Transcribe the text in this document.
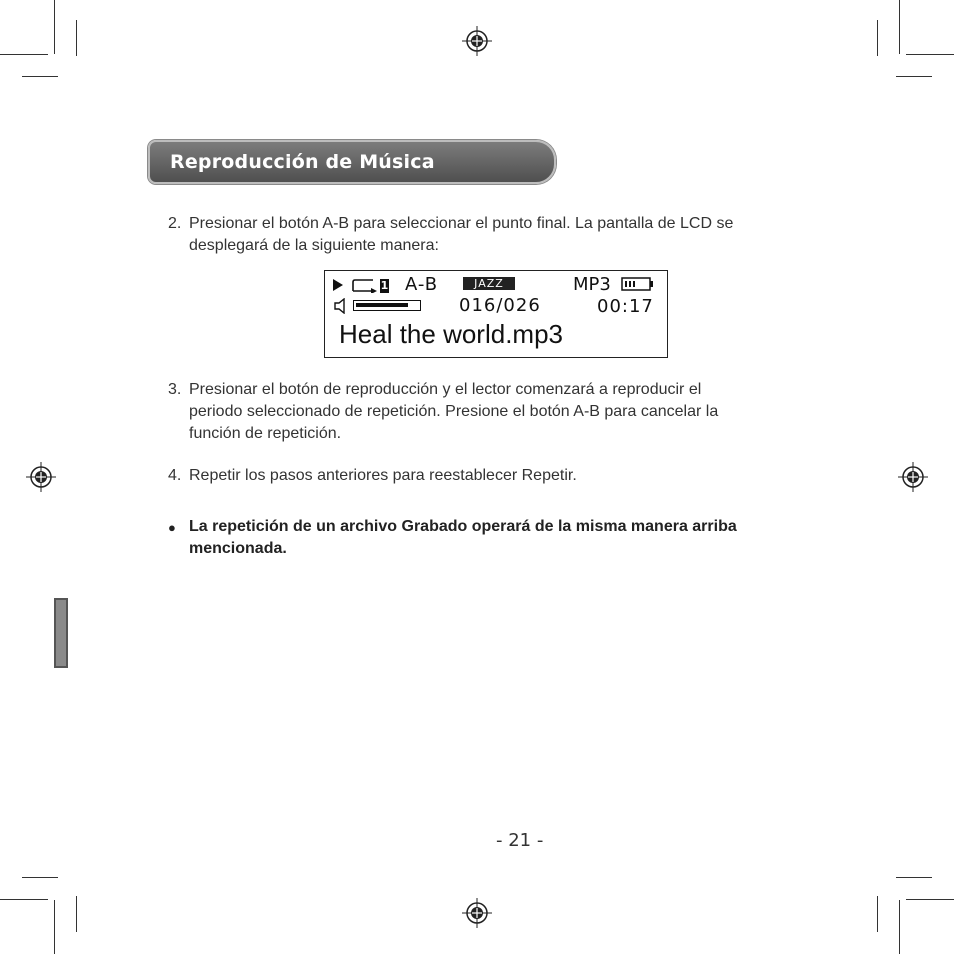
Reproducción de Música
2. Presionar el botón A-B para seleccionar el punto final. La pantalla de LCD se
desplegará de la siguiente manera:
1 A-B	JAZZ	MP3
016/026	00:17
Heal the world.mp3
3. Presionar el botón de reproducción y el lector comenzará a reproducir el
periodo seleccionado de repetición. Presione el botón A-B para cancelar la
función de repetición.
4. Repetir los pasos anteriores para reestablecer Repetir.
● La repetición de un archivo Grabado operará de la misma manera arriba
mencionada.
- 21 -
